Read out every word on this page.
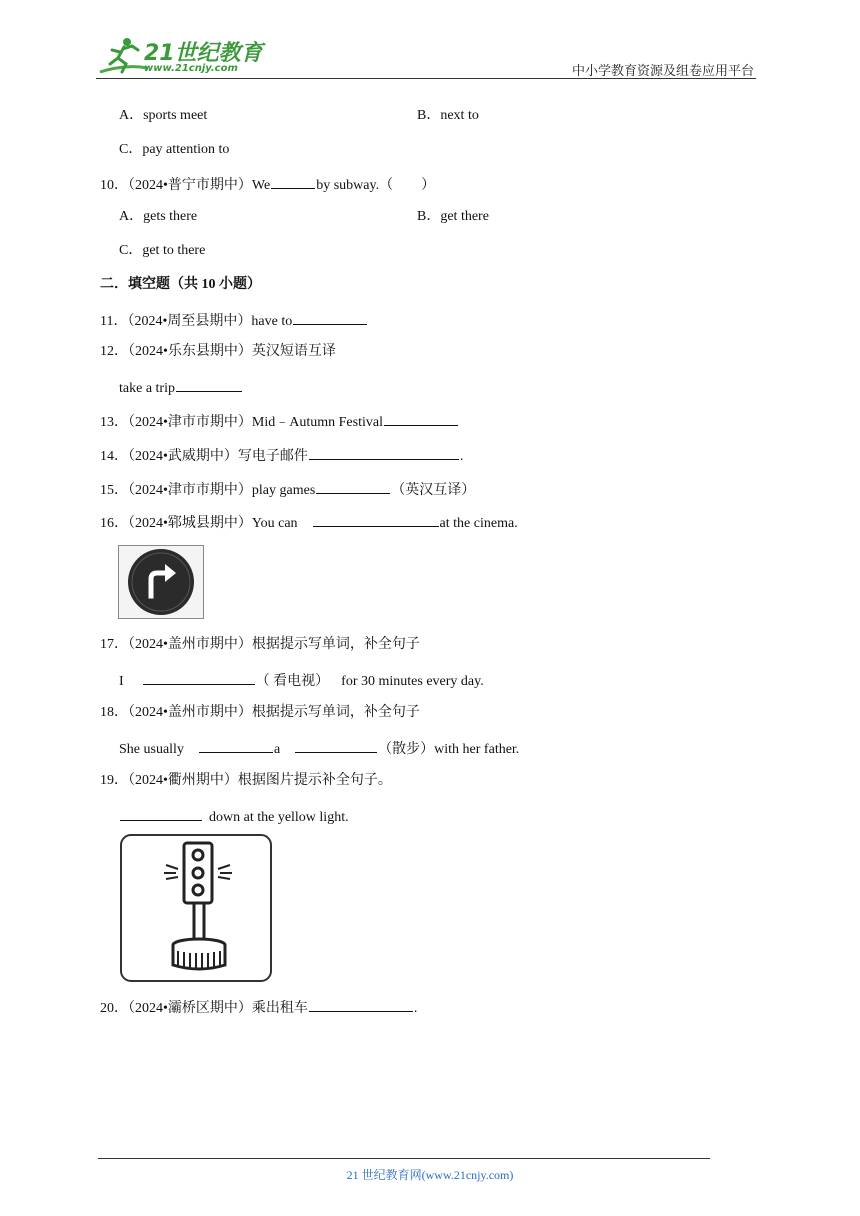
21世纪教育
www.21cnjy.com	中小学教育资源及组卷应用平台
A．sports meet	B．next to
C．pay attention to
10．（2024•普宁市期中）We	by subway.（　　）
A．gets there	B．get there
C．get to there
二．填空题（共 10 小题）
11．（2024•周至县期中）have to
12．（2024•乐东县期中）英汉短语互译
take a trip
13．（2024•津市市期中）Mid﹣Autumn Festival
14．（2024•武威期中）写电子邮件	.
15．（2024•津市市期中）play games	（英汉互译）
16．（2024•郓城县期中）You can	at the cinema.
17．（2024•盖州市期中）根据提示写单词，补全句子
I	（ 看电视） for 30 minutes every day.
18．（2024•盖州市期中）根据提示写单词，补全句子
She usually	a	（散步）with her father.
19．（2024•衢州期中）根据图片提示补全句子。
down at the yellow light.
20．（2024•灞桥区期中）乘出租车	.
21 世纪教育网(www.21cnjy.com)
